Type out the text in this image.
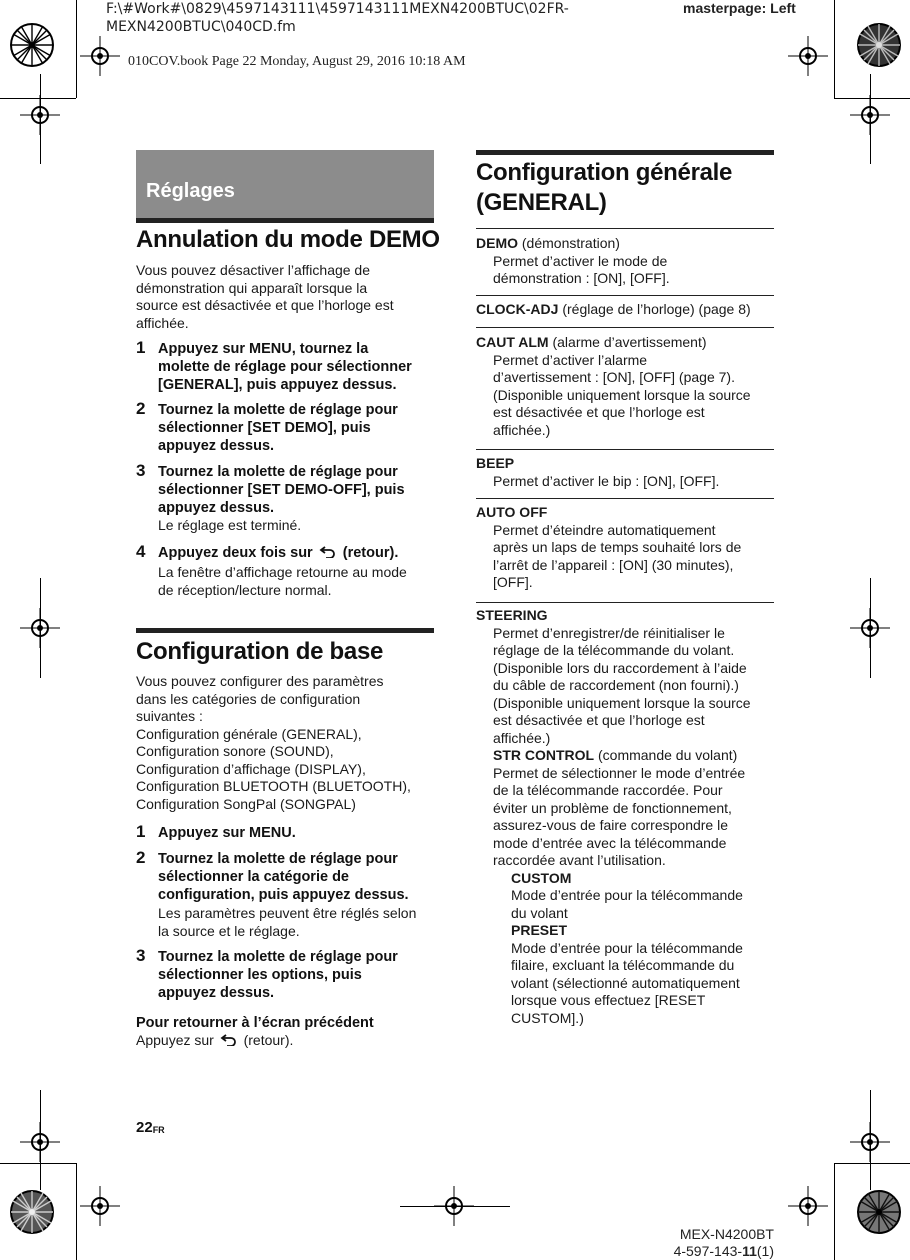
F:\#Work#\0829\4597143111\4597143111MEXN4200BTUC\02FR-
MEXN4200BTUC\040CD.fm
masterpage: Left
010COV.book Page 22 Monday, August 29, 2016 10:18 AM
Réglages
Annulation du mode DEMO
Vous pouvez désactiver l’affichage de
démonstration qui apparaît lorsque la
source est désactivée et que l’horloge est
affichée.
1 Appuyez sur MENU, tournez la
molette de réglage pour sélectionner
[GENERAL], puis appuyez dessus.
2 Tournez la molette de réglage pour
sélectionner [SET DEMO], puis
appuyez dessus.
3 Tournez la molette de réglage pour
sélectionner [SET DEMO-OFF], puis
appuyez dessus.
Le réglage est terminé.
4 Appuyez deux fois sur (retour).
La fenêtre d’affichage retourne au mode
de réception/lecture normal.
Configuration de base
Vous pouvez configurer des paramètres
dans les catégories de configuration
suivantes :
Configuration générale (GENERAL),
Configuration sonore (SOUND),
Configuration d’affichage (DISPLAY),
Configuration BLUETOOTH (BLUETOOTH),
Configuration SongPal (SONGPAL)
1 Appuyez sur MENU.
2 Tournez la molette de réglage pour
sélectionner la catégorie de
configuration, puis appuyez dessus.
Les paramètres peuvent être réglés selon
la source et le réglage.
3 Tournez la molette de réglage pour
sélectionner les options, puis
appuyez dessus.
Pour retourner à l’écran précédent
Appuyez sur (retour).
$22_{FR}$
Configuration générale
(GENERAL)
DEMO (démonstration)
Permet d’activer le mode de
démonstration : [ON], [OFF].
CLOCK-ADJ (réglage de l’horloge) (page 8)
CAUT ALM (alarme d’avertissement)
Permet d’activer l’alarme
d’avertissement : [ON], [OFF] (page 7).
(Disponible uniquement lorsque la source
est désactivée et que l’horloge est
affichée.)
BEEP
Permet d’activer le bip : [ON], [OFF].
AUTO OFF
Permet d’éteindre automatiquement
après un laps de temps souhaité lors de
l’arrêt de l’appareil : [ON] (30 minutes),
[OFF].
STEERING
Permet d’enregistrer/de réinitialiser le
réglage de la télécommande du volant.
(Disponible lors du raccordement à l’aide
du câble de raccordement (non fourni).)
(Disponible uniquement lorsque la source
est désactivée et que l’horloge est
affichée.)
STR CONTROL (commande du volant)
Permet de sélectionner le mode d’entrée
de la télécommande raccordée. Pour
éviter un problème de fonctionnement,
assurez-vous de faire correspondre le
mode d’entrée avec la télécommande
raccordée avant l’utilisation.
CUSTOM
Mode d’entrée pour la télécommande
du volant
PRESET
Mode d’entrée pour la télécommande
filaire, excluant la télécommande du
volant (sélectionné automatiquement
lorsque vous effectuez [RESET
CUSTOM].)
MEX-N4200BT
4-597-143-11(1)
